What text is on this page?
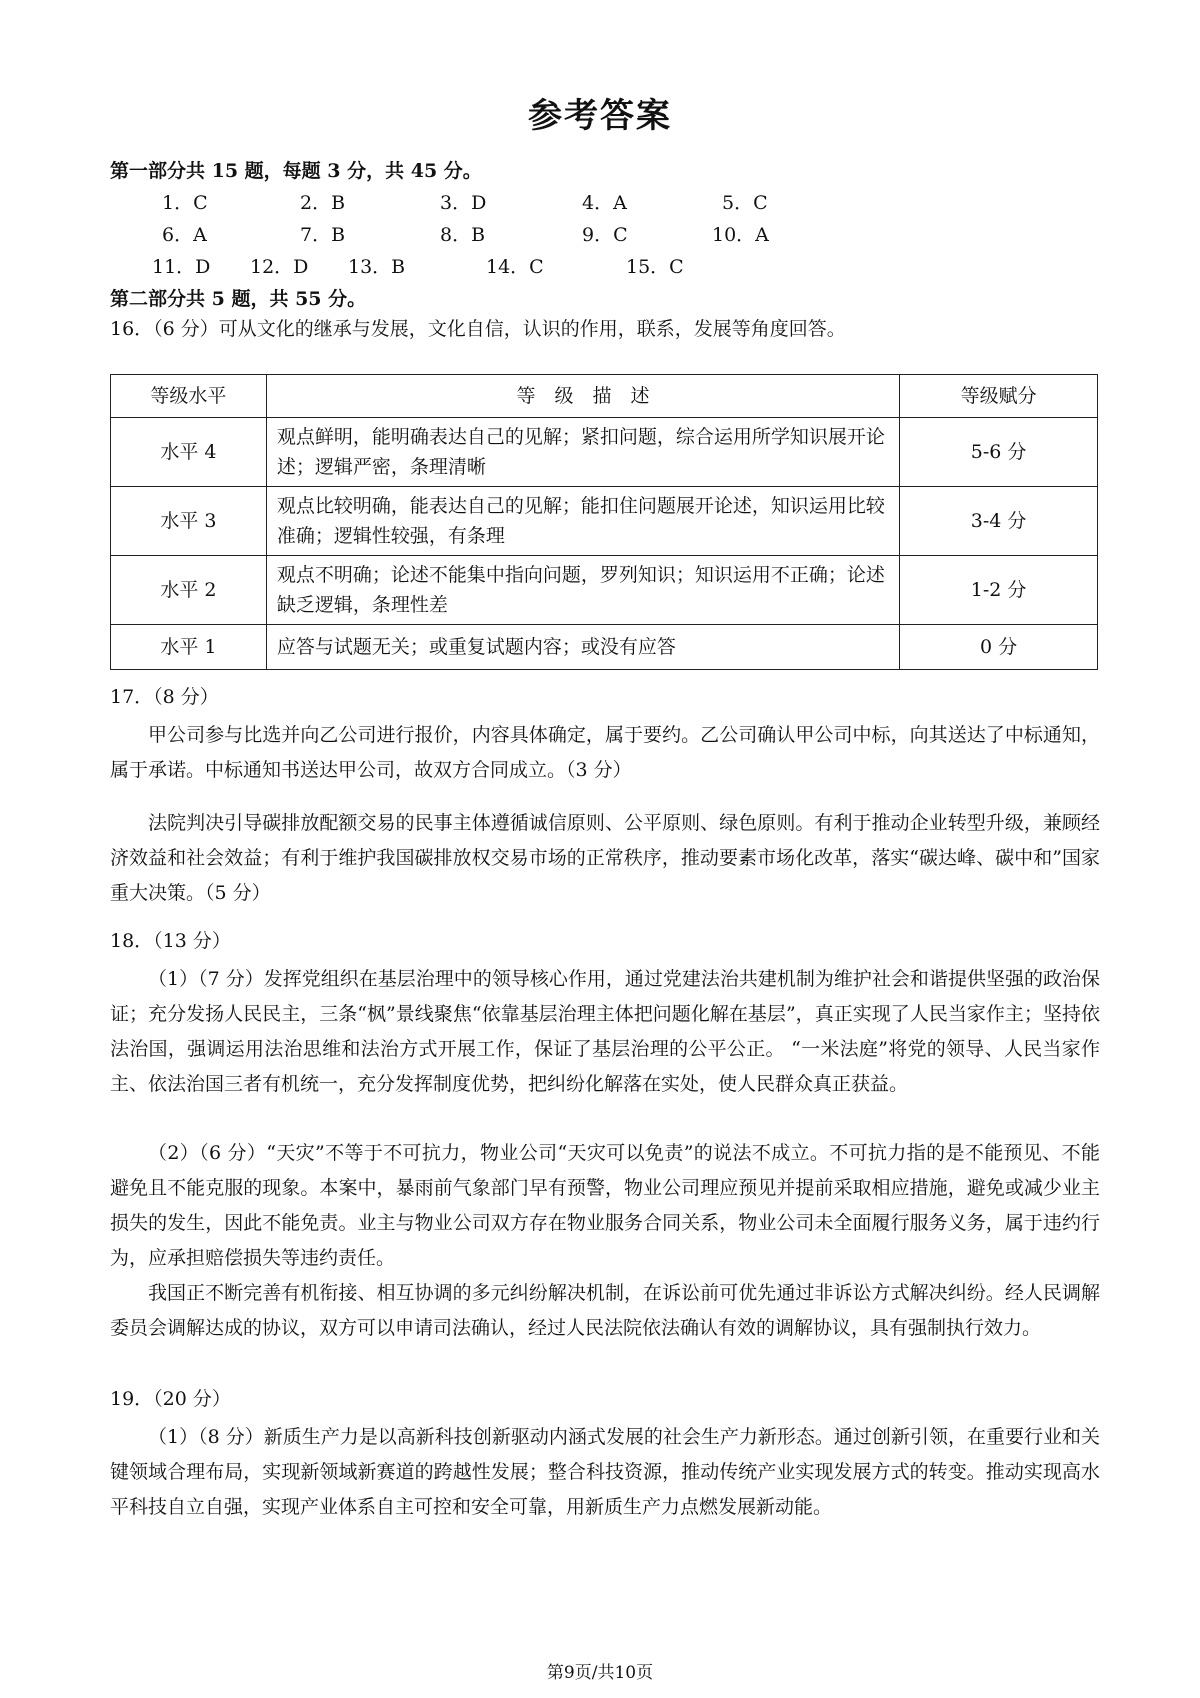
参考答案
第一部分共 15 题，每题 3 分，共 45 分。
1．C	2．B	3．D	4．A	5．C
6．A	7．B	8．B	9．C	10．A
11．D 12．D 13．B	14．C	15．C
第二部分共 5 题，共 55 分。
16．（6 分）可从文化的继承与发展，文化自信，认识的作用，联系，发展等角度回答。
等级水平	等　级　描　述	等级赋分
水平 4	观点鲜明，能明确表达自己的见解；紧扣问题，综合运用所学知识展开论述；逻辑严密，条理清晰	5-6 分
水平 3	观点比较明确，能表达自己的见解；能扣住问题展开论述，知识运用比较准确；逻辑性较强，有条理	3-4 分
水平 2	观点不明确；论述不能集中指向问题，罗列知识；知识运用不正确；论述缺乏逻辑，条理性差	1-2 分
水平 1	应答与试题无关；或重复试题内容；或没有应答	0 分
17．（8 分）
甲公司参与比选并向乙公司进行报价，内容具体确定，属于要约。乙公司确认甲公司中标，向其送达了中标通知，属于承诺。中标通知书送达甲公司，故双方合同成立。（3 分）
法院判决引导碳排放配额交易的民事主体遵循诚信原则、公平原则、绿色原则。有利于推动企业转型升级，兼顾经济效益和社会效益；有利于维护我国碳排放权交易市场的正常秩序，推动要素市场化改革，落实“碳达峰、碳中和”国家重大决策。（5 分）
18．（13 分）
（1）（7 分）发挥党组织在基层治理中的领导核心作用，通过党建法治共建机制为维护社会和谐提供坚强的政治保证；充分发扬人民民主，三条“枫”景线聚焦“依靠基层治理主体把问题化解在基层”，真正实现了人民当家作主；坚持依法治国，强调运用法治思维和法治方式开展工作，保证了基层治理的公平公正。 “一米法庭”将党的领导、人民当家作主、依法治国三者有机统一，充分发挥制度优势，把纠纷化解落在实处，使人民群众真正获益。
（2）（6 分）“天灾”不等于不可抗力，物业公司“天灾可以免责”的说法不成立。不可抗力指的是不能预见、不能避免且不能克服的现象。本案中，暴雨前气象部门早有预警，物业公司理应预见并提前采取相应措施，避免或减少业主损失的发生，因此不能免责。业主与物业公司双方存在物业服务合同关系，物业公司未全面履行服务义务，属于违约行为，应承担赔偿损失等违约责任。
我国正不断完善有机衔接、相互协调的多元纠纷解决机制，在诉讼前可优先通过非诉讼方式解决纠纷。经人民调解委员会调解达成的协议，双方可以申请司法确认，经过人民法院依法确认有效的调解协议，具有强制执行效力。
19．（20 分）
（1）（8 分）新质生产力是以高新科技创新驱动内涵式发展的社会生产力新形态。通过创新引领，在重要行业和关键领域合理布局，实现新领域新赛道的跨越性发展；整合科技资源，推动传统产业实现发展方式的转变。推动实现高水平科技自立自强，实现产业体系自主可控和安全可靠，用新质生产力点燃发展新动能。
第9页/共10页
